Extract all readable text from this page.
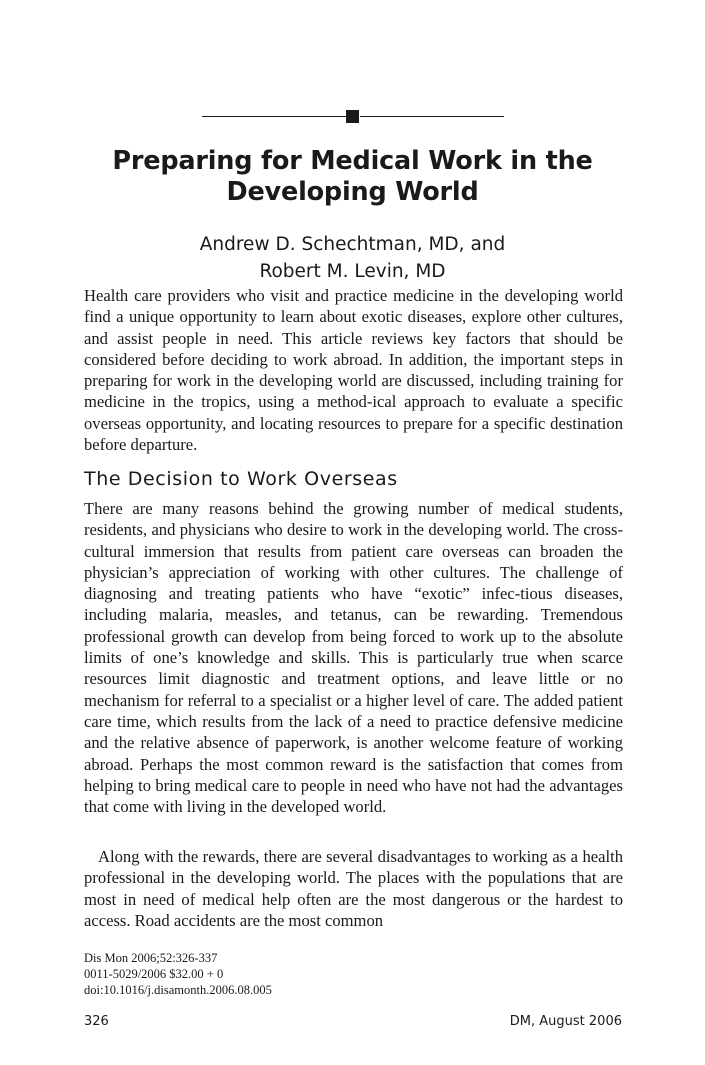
Preparing for Medical Work in the
Developing World
Andrew D. Schechtman, MD, and
Robert M. Levin, MD

Health care providers who visit and practice medicine in the developing world find a unique opportunity to learn about exotic diseases, explore other cultures, and assist people in need. This article reviews key factors that should be considered before deciding to work abroad. In addition, the important steps in preparing for work in the developing world are discussed, including training for medicine in the tropics, using a method-ical approach to evaluate a specific overseas opportunity, and locating resources to prepare for a specific destination before departure.

The Decision to Work Overseas

There are many reasons behind the growing number of medical students, residents, and physicians who desire to work in the developing world. The cross-cultural immersion that results from patient care overseas can broaden the physician’s appreciation of working with other cultures. The challenge of diagnosing and treating patients who have “exotic” infec-tious diseases, including malaria, measles, and tetanus, can be rewarding. Tremendous professional growth can develop from being forced to work up to the absolute limits of one’s knowledge and skills. This is particularly true when scarce resources limit diagnostic and treatment options, and leave little or no mechanism for referral to a specialist or a higher level of care. The added patient care time, which results from the lack of a need to practice defensive medicine and the relative absence of paperwork, is another welcome feature of working abroad. Perhaps the most common reward is the satisfaction that comes from helping to bring medical care to people in need who have not had the advantages that come with living in the developed world.

Along with the rewards, there are several disadvantages to working as a health professional in the developing world. The places with the populations that are most in need of medical help often are the most dangerous or the hardest to access. Road accidents are the most common

Dis Mon 2006;52:326-337
0011-5029/2006 $32.00 + 0
doi:10.1016/j.disamonth.2006.08.005
326	DM, August 2006
